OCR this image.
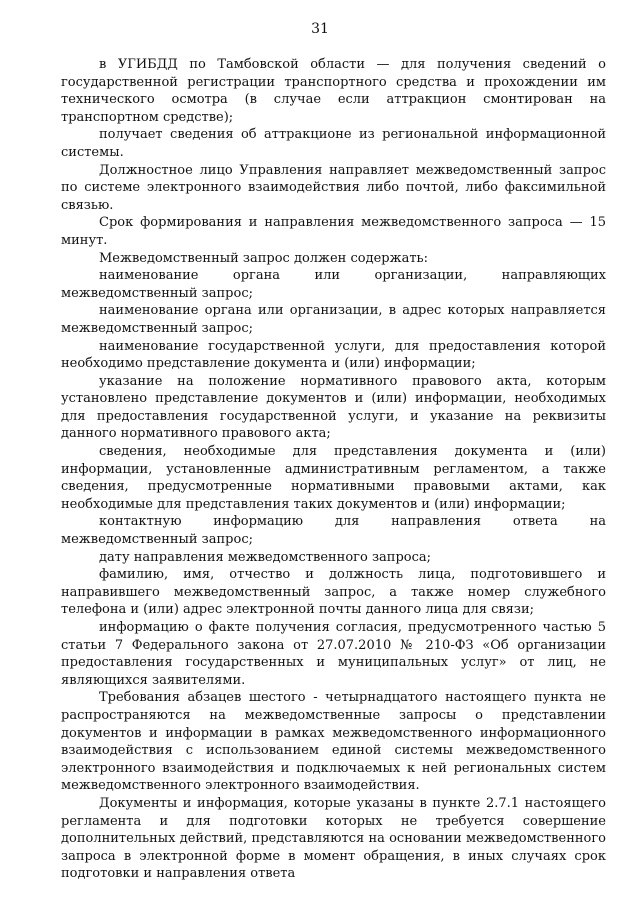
31

в УГИБДД по Тамбовской области — для получения сведений о государственной регистрации транспортного средства и прохождении им технического осмотра (в случае если аттракцион смонтирован на транспортном средстве);

получает сведения об аттракционе из региональной информационной системы.

Должностное лицо Управления направляет межведомственный запрос по системе электронного взаимодействия либо почтой, либо факсимильной связью.

Срок формирования и направления межведомственного запроса — 15 минут.

Межведомственный запрос должен содержать:

наименование органа или организации, направляющих межведомственный запрос;

наименование органа или организации, в адрес которых направляется межведомственный запрос;

наименование государственной услуги, для предоставления которой необходимо представление документа и (или) информации;

указание на положение нормативного правового акта, которым установлено представление документов и (или) информации, необходимых для предоставления государственной услуги, и указание на реквизиты данного нормативного правового акта;

сведения, необходимые для представления документа и (или) информации, установленные административным регламентом, а также сведения, предусмотренные нормативными правовыми актами, как необходимые для представления таких документов и (или) информации;

контактную информацию для направления ответа на межведомственный запрос;

дату направления межведомственного запроса;

фамилию, имя, отчество и должность лица, подготовившего и направившего межведомственный запрос, а также номер служебного телефона и (или) адрес электронной почты данного лица для связи;

информацию о факте получения согласия, предусмотренного частью 5 статьи 7 Федерального закона от 27.07.2010 № 210-ФЗ «Об организации предоставления государственных и муниципальных услуг» от лиц, не являющихся заявителями.

Требования абзацев шестого - четырнадцатого настоящего пункта не распространяются на межведомственные запросы о представлении документов и информации в рамках межведомственного информационного взаимодействия с использованием единой системы межведомственного электронного взаимодействия и подключаемых к ней региональных систем межведомственного электронного взаимодействия.

Документы и информация, которые указаны в пункте 2.7.1 настоящего регламента и для подготовки которых не требуется совершение дополнительных действий, представляются на основании межведомственного запроса в электронной форме в момент обращения, в иных случаях срок подготовки и направления ответа
